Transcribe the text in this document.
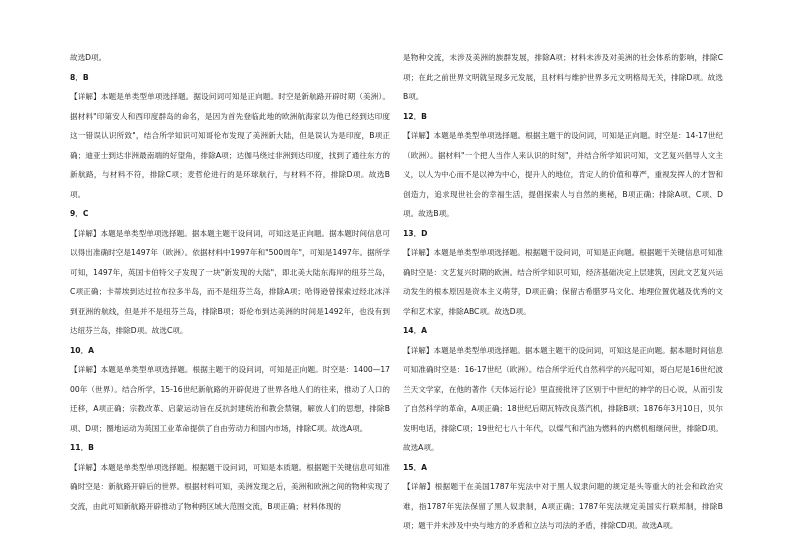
故选D项。

8．B

【详解】本题是单类型单项选择题。据设问词可知是正向题。时空是新航路开辟时期（美洲）。据材料"印第安人和西印度群岛的命名，是因为首先登临此地的欧洲航海家以为他已经到达印度这一错误认识所致"，结合所学知识可知哥伦布发现了美洲新大陆，但是误认为是印度，B项正确；迪亚士到达非洲最南端的好望角，排除A项；达伽马绕过非洲到达印度，找到了通往东方的新航路，与材料不符，排除C项；麦哲伦进行的是环球航行，与材料不符，排除D项。故选B项。

9．C

【详解】本题是单类型单项选择题。据本题主题干设问词，可知这是正向题。据本题时间信息可以得出准确时空是1497年（欧洲）。依据材料中1997年和"500周年"，可知是1497年。据所学可知，1497年，英国卡伯特父子发现了一块"新发现的大陆"，即北美大陆东海岸的纽芬兰岛，C项正确；卡蒂埃到达过拉布拉多半岛，而不是纽芬兰岛，排除A项；哈得逊曾探索过经北冰洋到亚洲的航线，但是并不是纽芬兰岛，排除B项；哥伦布到达美洲的时间是1492年，也没有到达纽芬兰岛，排除D项。故选C项。

10．A

【详解】本题是单类型单项选择题。根据主题干的设问词，可知是正向题。时空是：1400—1700年（世界）。结合所学，15-16世纪新航路的开辟促进了世界各地人们的往来，推动了人口的迁移，A项正确；宗教改革、启蒙运动旨在反抗封建统治和教会禁锢，解放人们的思想，排除B项、D项；圈地运动为英国工业革命提供了自由劳动力和国内市场，排除C项。故选A项。

11．B

【详解】本题是单类型单项选择题。根据题干设问词，可知是本质题。根据题干关键信息可知准确时空是：新航路开辟后的世界。根据材料可知，美洲发现之后，美洲和欧洲之间的物种实现了交流，由此可知新航路开辟推动了物种跨区域大范围交流，B项正确；材料体现的

是物种交流，未涉及美洲的族群发展，排除A项；材料未涉及对美洲的社会体系的影响，排除C项；在此之前世界文明就呈现多元发展，且材料与维护世界多元文明格局无关，排除D项。故选B项。

12．B

【详解】本题是单类型单项选择题。根据主题干的设问词，可知是正向题。时空是：14-17世纪（欧洲）。据材料"一个把人当作人来认识的时刻"，并结合所学知识可知，文艺复兴倡导人文主义，以人为中心而不是以神为中心，提升人的地位，肯定人的价值和尊严，重视发挥人的才智和创造力，追求现世社会的幸福生活，提倡探索人与自然的奥秘，B项正确；排除A项、C项、D项。故选B项。

13．D

【详解】本题是单类型单项选择题。根据题干设问词，可知是正向题。根据题干关键信息可知准确时空是：文艺复兴时期的欧洲。结合所学知识可知，经济基础决定上层建筑，因此文艺复兴运动发生的根本原因是资本主义萌芽，D项正确；保留古希腊罗马文化、地理位置优越及优秀的文学和艺术家，排除ABC项。故选D项。

14．A

【详解】本题是单类型单项选择题。据本题主题干的设问词，可知这是正向题。据本题时间信息可知准确时空是：16-17世纪（欧洲）。结合所学近代自然科学的兴起可知，哥白尼是16世纪波兰天文学家，在他的著作《天体运行论》里直接批评了区别于中世纪的神学的日心说，从而引发了自然科学的革命，A项正确；18世纪后期瓦特改良蒸汽机，排除B项；1876年3月10日，贝尔发明电话，排除C项；19世纪七八十年代，以煤气和汽油为燃料的内燃机相继问世，排除D项。故选A项。

15．A

【详解】根据题干在美国1787年宪法中对于黑人奴隶问题的规定是头等重大的社会和政治灾难，指1787年宪法保留了黑人奴隶制，A项正确；1787年宪法规定美国实行联邦制，排除B项；题干并未涉及中央与地方的矛盾和立法与司法的矛盾，排除CD项。故选A项。
